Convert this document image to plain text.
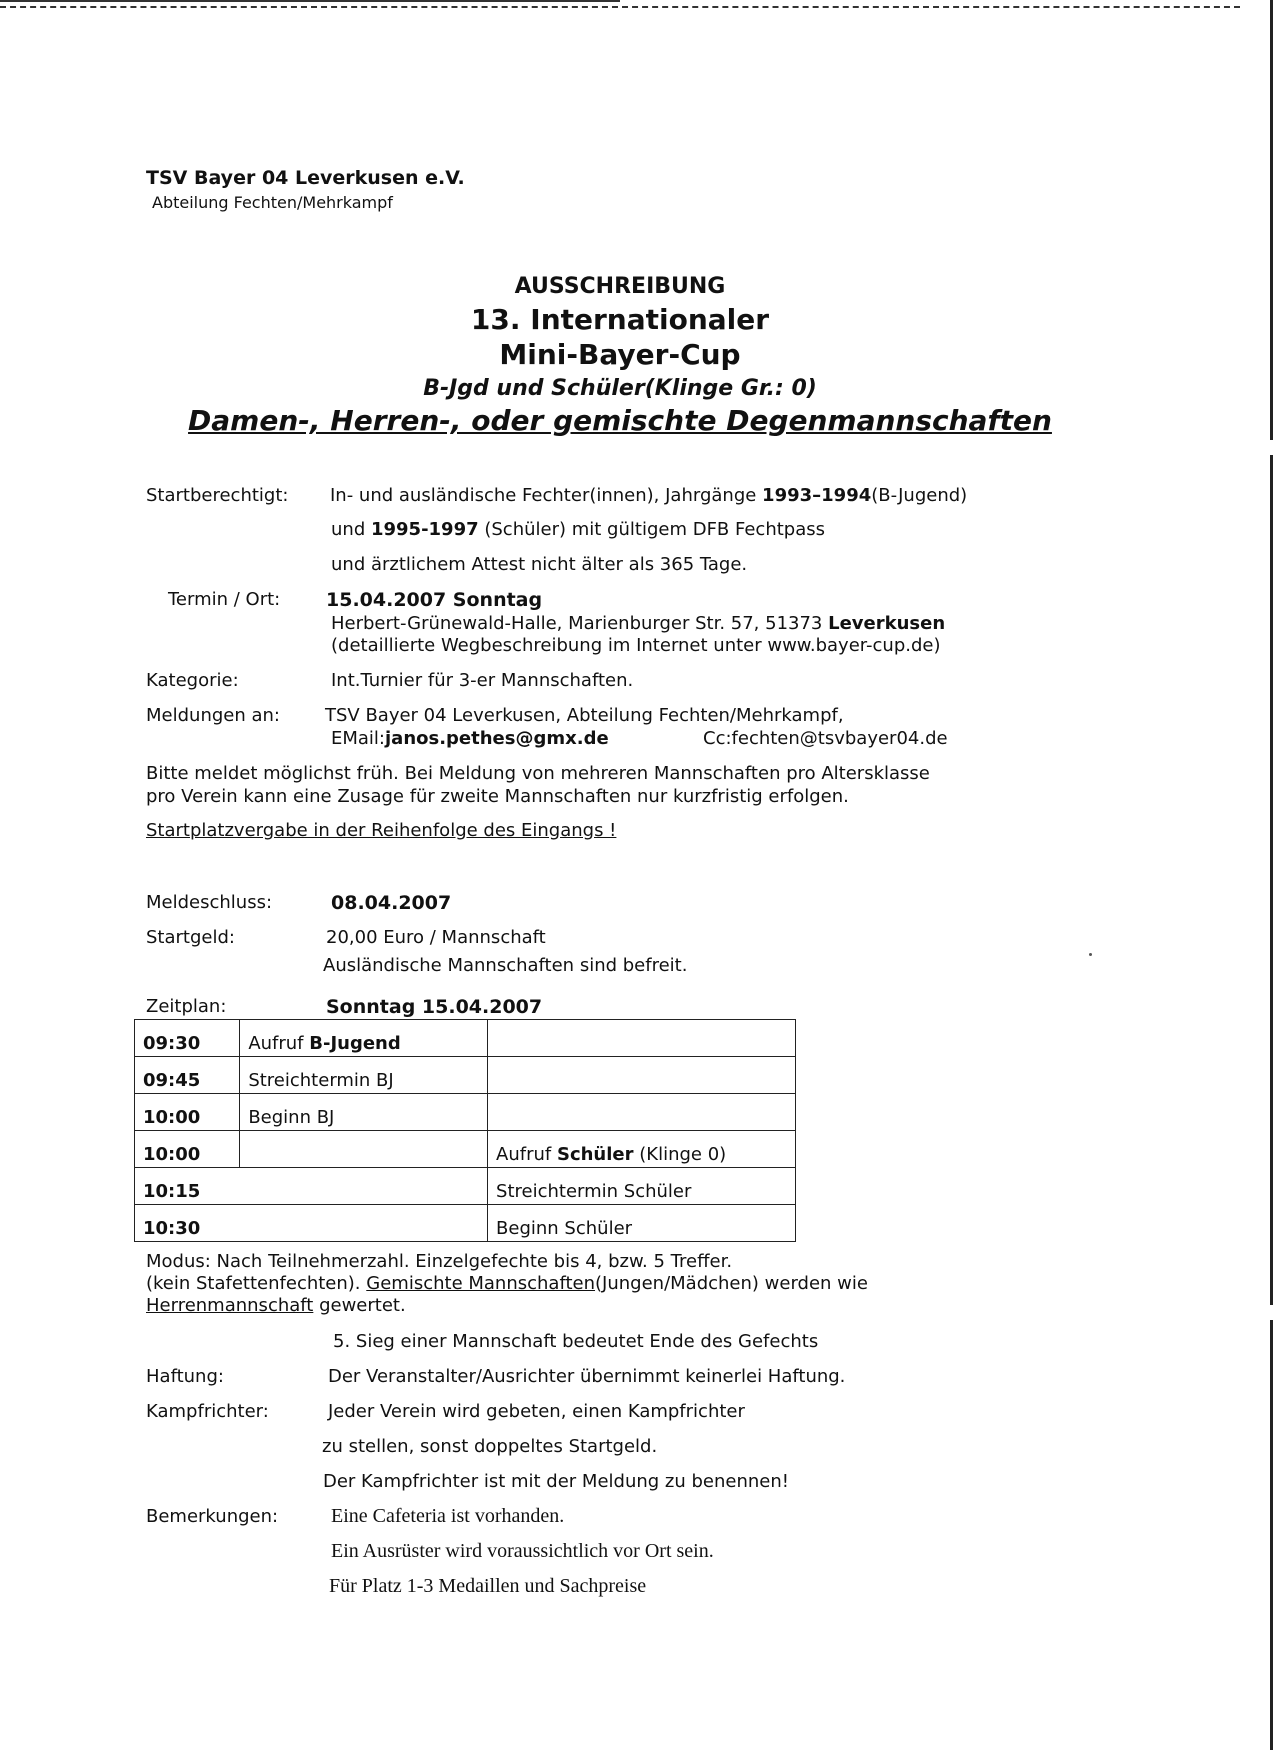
TSV Bayer 04 Leverkusen e.V.
Abteilung Fechten/Mehrkampf
AUSSCHREIBUNG
13. Internationaler
Mini-Bayer-Cup
B-Jgd und Schüler(Klinge Gr.: 0)
Damen-, Herren-, oder gemischte Degenmannschaften
Startberechtigt: In- und ausländische Fechter(innen), Jahrgänge 1993–1994(B-Jugend)
und 1995-1997 (Schüler) mit gültigem DFB Fechtpass
und ärztlichem Attest nicht älter als 365 Tage.
Termin / Ort: 15.04.2007 Sonntag
Herbert-Grünewald-Halle, Marienburger Str. 57, 51373 Leverkusen
(detaillierte Wegbeschreibung im Internet unter www.bayer-cup.de)
Kategorie:	Int.Turnier für 3-er Mannschaften.
Meldungen an:	TSV Bayer 04 Leverkusen, Abteilung Fechten/Mehrkampf,
EMail:janos.pethes@gmx.de	Cc:fechten@tsvbayer04.de
Bitte meldet möglichst früh. Bei Meldung von mehreren Mannschaften pro Altersklasse
pro Verein kann eine Zusage für zweite Mannschaften nur kurzfristig erfolgen.
Startplatzvergabe in der Reihenfolge des Eingangs !
Meldeschluss:	08.04.2007
Startgeld:	20,00 Euro / Mannschaft
Ausländische Mannschaften sind befreit.
Zeitplan:	Sonntag 15.04.2007
09:30	Aufruf B-Jugend	
09:45	Streichtermin BJ	
10:00	Beginn BJ	
10:00		Aufruf Schüler (Klinge 0)
10:15		Streichtermin Schüler
10:30		Beginn Schüler
Modus: Nach Teilnehmerzahl. Einzelgefechte bis 4, bzw. 5 Treffer.
(kein Stafettenfechten). Gemischte Mannschaften(Jungen/Mädchen) werden wie
Herrenmannschaft gewertet.
5. Sieg einer Mannschaft bedeutet Ende des Gefechts
Haftung:	Der Veranstalter/Ausrichter übernimmt keinerlei Haftung.
Kampfrichter:	Jeder Verein wird gebeten, einen Kampfrichter
zu stellen, sonst doppeltes Startgeld.
Der Kampfrichter ist mit der Meldung zu benennen!
Bemerkungen:	Eine Cafeteria ist vorhanden.
Ein Ausrüster wird voraussichtlich vor Ort sein.
Für Platz 1-3 Medaillen und Sachpreise
